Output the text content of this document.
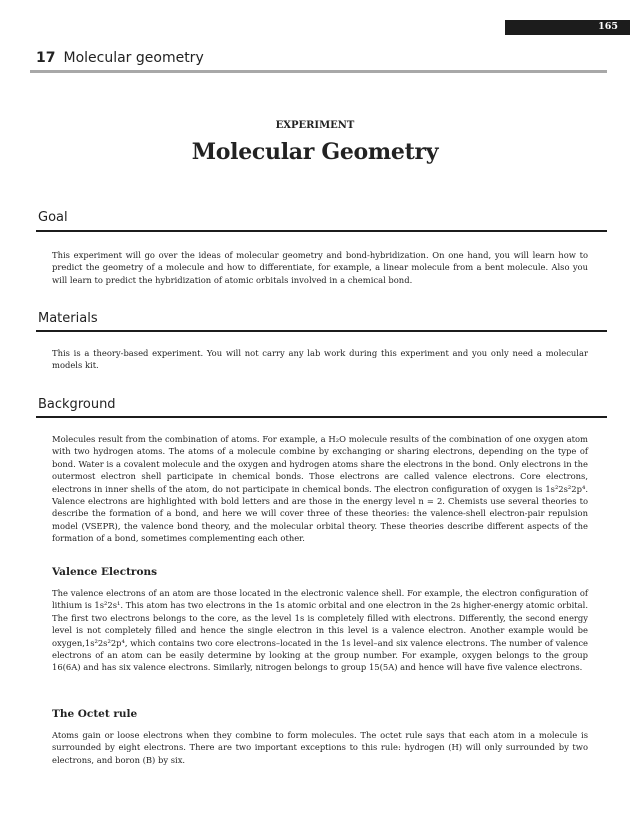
165
17 Molecular geometry
EXPERIMENT
Molecular Geometry
Goal

This experiment will go over the ideas of molecular geometry and bond-hybridization. On one hand, you will learn how to predict the geometry of a molecule and how to differentiate, for example, a linear molecule from a bent molecule. Also you will learn to predict the hybridization of atomic orbitals involved in a chemical bond.

Materials

This is a theory-based experiment. You will not carry any lab work during this experiment and you only need a molecular models kit.

Background

Molecules result from the combination of atoms. For example, a H₂O molecule results of the combination of one oxygen atom with two hydrogen atoms. The atoms of a molecule combine by exchanging or sharing electrons, depending on the type of bond. Water is a covalent molecule and the oxygen and hydrogen atoms share the electrons in the bond. Only electrons in the outermost electron shell participate in chemical bonds. Those electrons are called valence electrons. Core electrons, electrons in inner shells of the atom, do not participate in chemical bonds. The electron configuration of oxygen is 1s²2s²2p⁴. Valence electrons are highlighted with bold letters and are those in the energy level n = 2. Chemists use several theories to describe the formation of a bond, and here we will cover three of these theories: the valence-shell electron-pair repulsion model (VSEPR), the valence bond theory, and the molecular orbital theory. These theories describe different aspects of the formation of a bond, sometimes complementing each other.

Valence Electrons

The valence electrons of an atom are those located in the electronic valence shell. For example, the electron configuration of lithium is 1s²2s¹. This atom has two electrons in the 1s atomic orbital and one electron in the 2s higher-energy atomic orbital. The first two electrons belongs to the core, as the level 1s is completely filled with electrons. Differently, the second energy level is not completely filled and hence the single electron in this level is a valence electron. Another example would be oxygen,1s²2s²2p⁴, which contains two core electrons–located in the 1s level–and six valence electrons. The number of valence electrons of an atom can be easily determine by looking at the group number. For example, oxygen belongs to the group 16(6A) and has six valence electrons. Similarly, nitrogen belongs to group 15(5A) and hence will have five valence electrons.

The Octet rule

Atoms gain or loose electrons when they combine to form molecules. The octet rule says that each atom in a molecule is surrounded by eight electrons. There are two important exceptions to this rule: hydrogen (H) will only surrounded by two electrons, and boron (B) by six.
